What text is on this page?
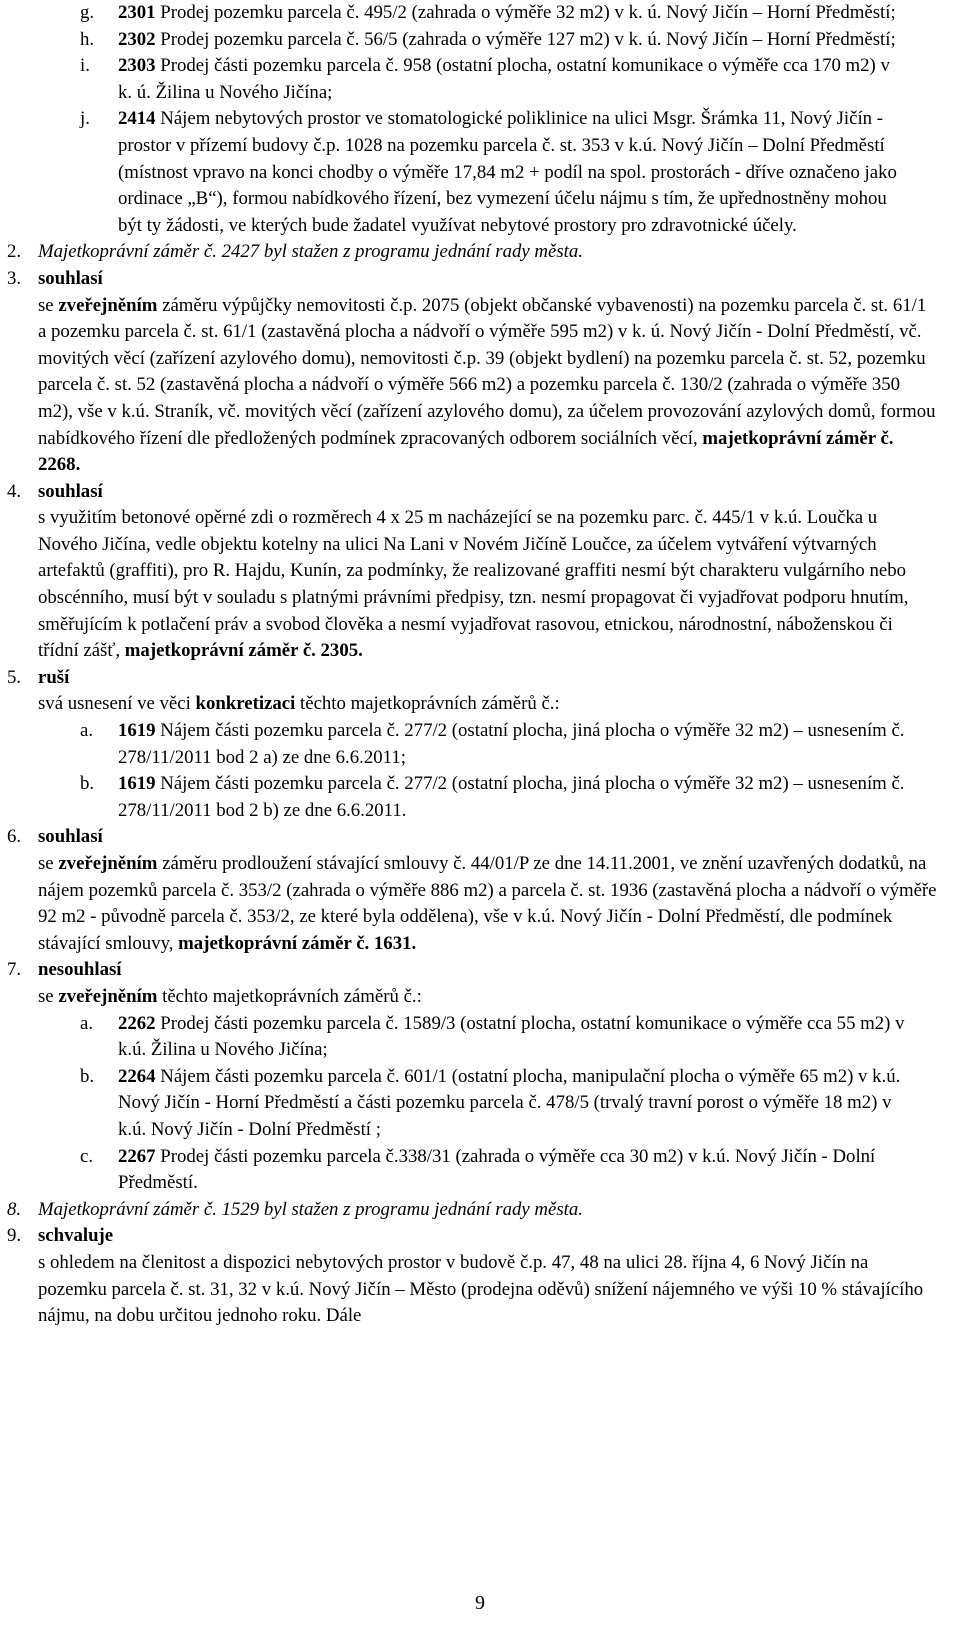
g. 2301 Prodej pozemku parcela č. 495/2 (zahrada o výměře 32 m2) v k. ú. Nový Jičín – Horní Předměstí;
h. 2302 Prodej pozemku parcela č. 56/5 (zahrada o výměře 127 m2) v k. ú. Nový Jičín – Horní Předměstí;
i. 2303 Prodej části pozemku parcela č. 958 (ostatní plocha, ostatní komunikace o výměře cca 170 m2) v k. ú. Žilina u Nového Jičína;
j. 2414 Nájem nebytových prostor ve stomatologické poliklinice na ulici Msgr. Šrámka 11, Nový Jičín - prostor v přízemí budovy č.p. 1028 na pozemku parcela č. st. 353 v k.ú. Nový Jičín – Dolní Předměstí (místnost vpravo na konci chodby o výměře 17,84 m2 + podíl na spol. prostorách - dříve označeno jako ordinace „B“), formou nabídkového řízení, bez vymezení účelu nájmu s tím, že upřednostněny mohou být ty žádosti, ve kterých bude žadatel využívat nebytové prostory pro zdravotnické účely.
2. Majetkoprávní záměr č. 2427 byl stažen z programu jednání rady města.
3. souhlasí
se zveřejněním záměru výpůjčky nemovitosti č.p. 2075 (objekt občanské vybavenosti) na pozemku parcela č. st. 61/1 a pozemku parcela č. st. 61/1 (zastavěná plocha a nádvoří o výměře 595 m2) v k. ú. Nový Jičín - Dolní Předměstí, vč. movitých věcí (zařízení azylového domu), nemovitosti č.p. 39 (objekt bydlení) na pozemku parcela č. st. 52, pozemku parcela č. st. 52 (zastavěná plocha a nádvoří o výměře 566 m2) a pozemku parcela č. 130/2 (zahrada o výměře 350 m2), vše v k.ú. Straník, vč. movitých věcí (zařízení azylového domu), za účelem provozování azylových domů, formou nabídkového řízení dle předložených podmínek zpracovaných odborem sociálních věcí, majetkoprávní záměr č. 2268.
4. souhlasí
s využitím betonové opěrné zdi o rozměrech 4 x 25 m nacházející se na pozemku parc. č. 445/1 v k.ú. Loučka u Nového Jičína, vedle objektu kotelny na ulici Na Lani v Novém Jičíně Loučce, za účelem vytváření výtvarných artefaktů (graffiti), pro R. Hajdu, Kunín, za podmínky, že realizované graffiti nesmí být charakteru vulgárního nebo obscénního, musí být v souladu s platnými právními předpisy, tzn. nesmí propagovat či vyjadřovat podporu hnutím, směřujícím k potlačení práv a svobod člověka a nesmí vyjadřovat rasovou, etnickou, národnostní, náboženskou či třídní zášť, majetkoprávní záměr č. 2305.
5. ruší
svá usnesení ve věci konkretizaci těchto majetkoprávních záměrů č.:
a. 1619 Nájem části pozemku parcela č. 277/2 (ostatní plocha, jiná plocha o výměře 32 m2) – usnesením č. 278/11/2011 bod 2 a) ze dne 6.6.2011;
b. 1619 Nájem části pozemku parcela č. 277/2 (ostatní plocha, jiná plocha o výměře 32 m2) – usnesením č. 278/11/2011 bod 2 b) ze dne 6.6.2011.
6. souhlasí
se zveřejněním záměru prodloužení stávající smlouvy č. 44/01/P ze dne 14.11.2001, ve znění uzavřených dodatků, na nájem pozemků parcela č. 353/2 (zahrada o výměře 886 m2) a parcela č. st. 1936 (zastavěná plocha a nádvoří o výměře 92 m2 - původně parcela č. 353/2, ze které byla oddělena), vše v k.ú. Nový Jičín - Dolní Předměstí, dle podmínek stávající smlouvy, majetkoprávní záměr č. 1631.
7. nesouhlasí
se zveřejněním těchto majetkoprávních záměrů č.:
a. 2262 Prodej části pozemku parcela č. 1589/3 (ostatní plocha, ostatní komunikace o výměře cca 55 m2) v k.ú. Žilina u Nového Jičína;
b. 2264 Nájem části pozemku parcela č. 601/1 (ostatní plocha, manipulační plocha o výměře 65 m2) v k.ú. Nový Jičín - Horní Předměstí a části pozemku parcela č. 478/5 (trvalý travní porost o výměře 18 m2) v k.ú. Nový Jičín - Dolní Předměstí ;
c. 2267 Prodej části pozemku parcela č.338/31 (zahrada o výměře cca 30 m2) v k.ú. Nový Jičín - Dolní Předměstí.
8. Majetkoprávní záměr č. 1529 byl stažen z programu jednání rady města.
9. schvaluje
s ohledem na členitost a dispozici nebytových prostor v budově č.p. 47, 48 na ulici 28. října 4, 6 Nový Jičín na pozemku parcela č. st. 31, 32 v k.ú. Nový Jičín – Město (prodejna oděvů) snížení nájemného ve výši 10 % stávajícího nájmu, na dobu určitou jednoho roku. Dále
9
